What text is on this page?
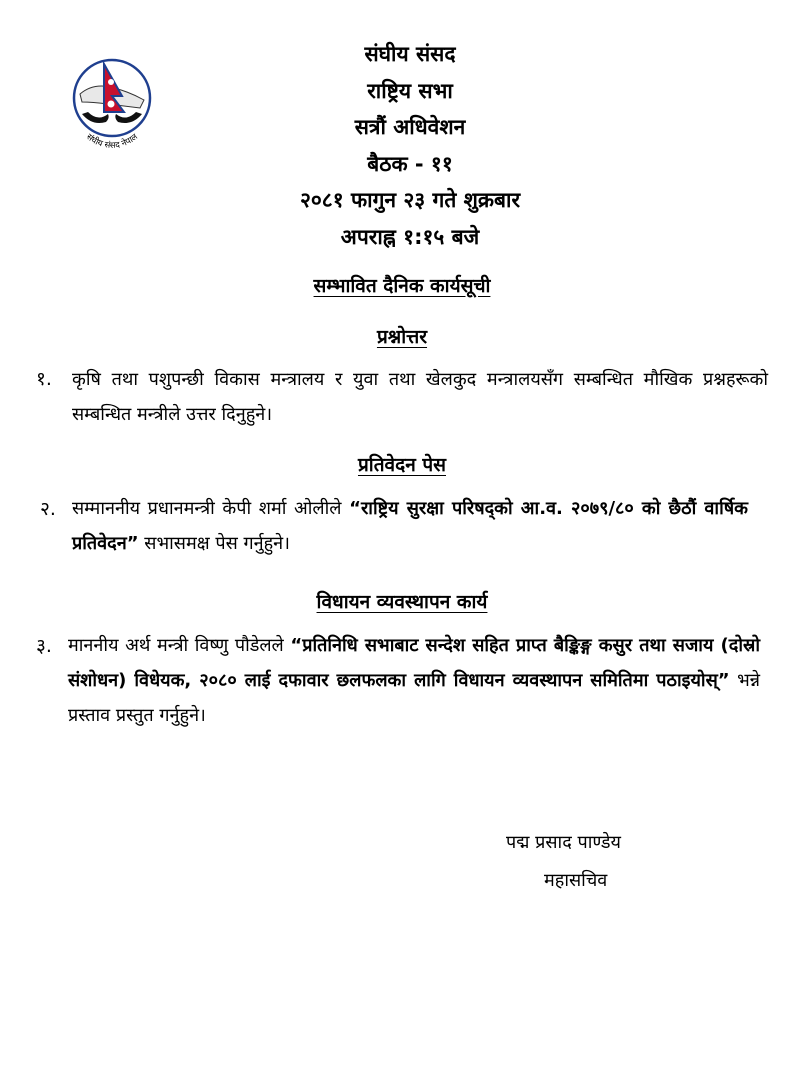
संघीय संसद नेपाल
संघीय संसद
राष्ट्रिय सभा
सत्रौं अधिवेशन
बैठक - ११
२०८१ फागुन २३ गते शुक्रबार
अपराह्न १:१५ बजे
सम्भावित दैनिक कार्यसूची
प्रश्नोत्तर
१. कृषि तथा पशुपन्छी विकास मन्त्रालय र युवा तथा खेलकुद मन्त्रालयसँग सम्बन्धित मौखिक प्रश्नहरूको सम्बन्धित मन्त्रीले उत्तर दिनुहुने।
प्रतिवेदन पेस
२. सम्माननीय प्रधानमन्त्री केपी शर्मा ओलीले “राष्ट्रिय सुरक्षा परिषद्को आ.व. २०७९/८० को छैठौं वार्षिक प्रतिवेदन” सभासमक्ष पेस गर्नुहुने।
विधायन व्यवस्थापन कार्य
३. माननीय अर्थ मन्त्री विष्णु पौडेलले “प्रतिनिधि सभाबाट सन्देश सहित प्राप्त बैङ्किङ्ग कसुर तथा सजाय (दोस्रो संशोधन) विधेयक, २०८० लाई दफावार छलफलका लागि विधायन व्यवस्थापन समितिमा पठाइयोस्” भन्ने प्रस्ताव प्रस्तुत गर्नुहुने।
पद्म प्रसाद पाण्डेय
महासचिव
